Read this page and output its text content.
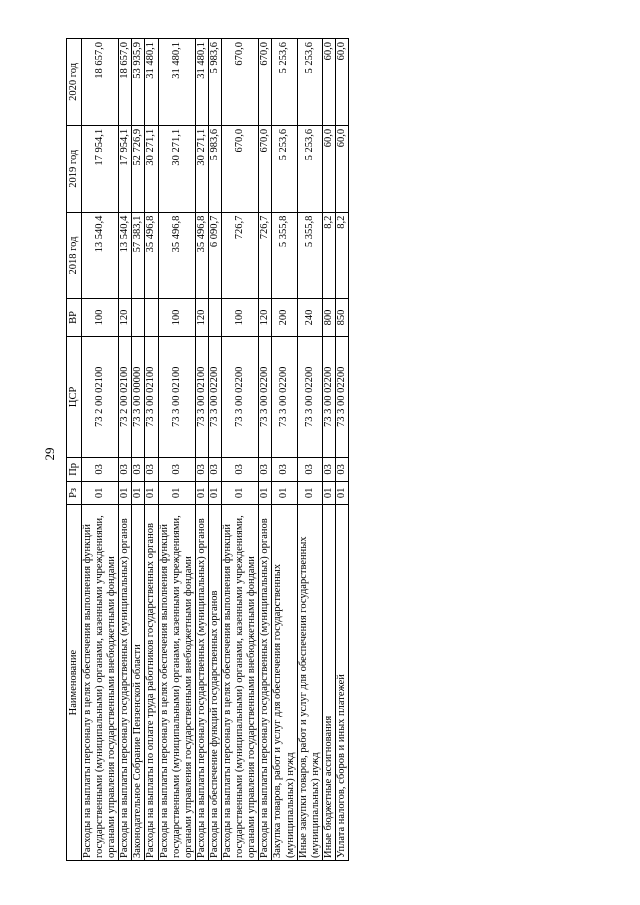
29
Наименование	Рз	Пр	ЦСР	ВР	2018 год	2019 год	2020 год
Расходы на выплаты персоналу в целях обеспечения выполнения функций государственными (муниципальными) органами, казенными учреждениями, органами управления государственными внебюджетными фондами	01	03	73 2 00 02100	100	13 540,4	17 954,1	18 657,0
Расходы на выплаты персоналу государственных (муниципальных) органов	01	03	73 2 00 02100	120	13 540,4	17 954,1	18 657,0
Законодательное Собрание Пензенской области	01	03	73 3 00 00000		57 383,1	52 726,9	53 935,9
Расходы на выплаты по оплате труда работников государственных органов	01	03	73 3 00 02100		35 496,8	30 271,1	31 480,1
Расходы на выплаты персоналу в целях обеспечения выполнения функций государственными (муниципальными) органами, казенными учреждениями, органами управления государственными внебюджетными фондами	01	03	73 3 00 02100	100	35 496,8	30 271,1	31 480,1
Расходы на выплаты персоналу государственных (муниципальных) органов	01	03	73 3 00 02100	120	35 496,8	30 271,1	31 480,1
Расходы на обеспечение функций государственных органов	01	03	73 3 00 02200		6 090,7	5 983,6	5 983,6
Расходы на выплаты персоналу в целях обеспечения выполнения функций государственными (муниципальными) органами, казенными учреждениями, органами управления государственными внебюджетными фондами	01	03	73 3 00 02200	100	726,7	670,0	670,0
Расходы на выплаты персоналу государственных (муниципальных) органов	01	03	73 3 00 02200	120	726,7	670,0	670,0
Закупка товаров, работ и услуг для обеспечения государственных (муниципальных) нужд	01	03	73 3 00 02200	200	5 355,8	5 253,6	5 253,6
Иные закупки товаров, работ и услуг для обеспечения государственных (муниципальных) нужд	01	03	73 3 00 02200	240	5 355,8	5 253,6	5 253,6
Иные бюджетные ассигнования	01	03	73 3 00 02200	800	8,2	60,0	60,0
Уплата налогов, сборов и иных платежей	01	03	73 3 00 02200	850	8,2	60,0	60,0
